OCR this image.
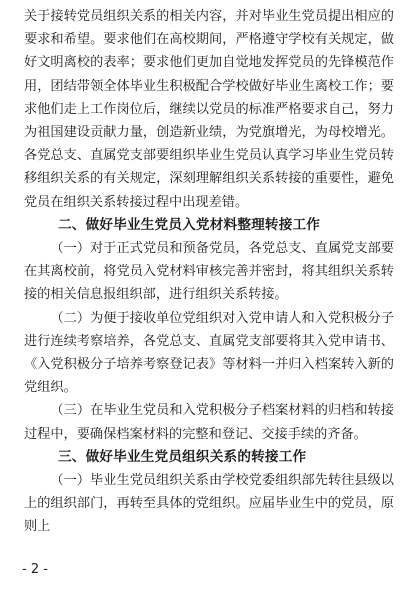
关于接转党员组织关系的相关内容，并对毕业生党员提出相应的要求和希望。要求他们在高校期间，严格遵守学校有关规定，做好文明离校的表率；要求他们更加自觉地发挥党员的先锋模范作用，团结带领全体毕业生积极配合学校做好毕业生离校工作；要求他们走上工作岗位后，继续以党员的标准严格要求自己，努力为祖国建设贡献力量，创造新业绩，为党旗增光，为母校增光。各党总支、直属党支部要组织毕业生党员认真学习毕业生党员转移组织关系的有关规定，深刻理解组织关系转接的重要性，避免党员在组织关系转接过程中出现差错。

二、做好毕业生党员入党材料整理转接工作

（一）对于正式党员和预备党员，各党总支、直属党支部要在其离校前，将党员入党材料审核完善并密封，将其组织关系转接的相关信息报组织部，进行组织关系转接。

（二）为便于接收单位党组织对入党申请人和入党积极分子进行连续考察培养，各党总支、直属党支部要将其入党申请书、《入党积极分子培养考察登记表》等材料一并归入档案转入新的党组织。

（三）在毕业生党员和入党积极分子档案材料的归档和转接过程中，要确保档案材料的完整和登记、交接手续的齐备。

三、做好毕业生党员组织关系的转接工作

（一）毕业生党员组织关系由学校党委组织部先转往县级以上的组织部门，再转至具体的党组织。应届毕业生中的党员，原则上

- 2 -
